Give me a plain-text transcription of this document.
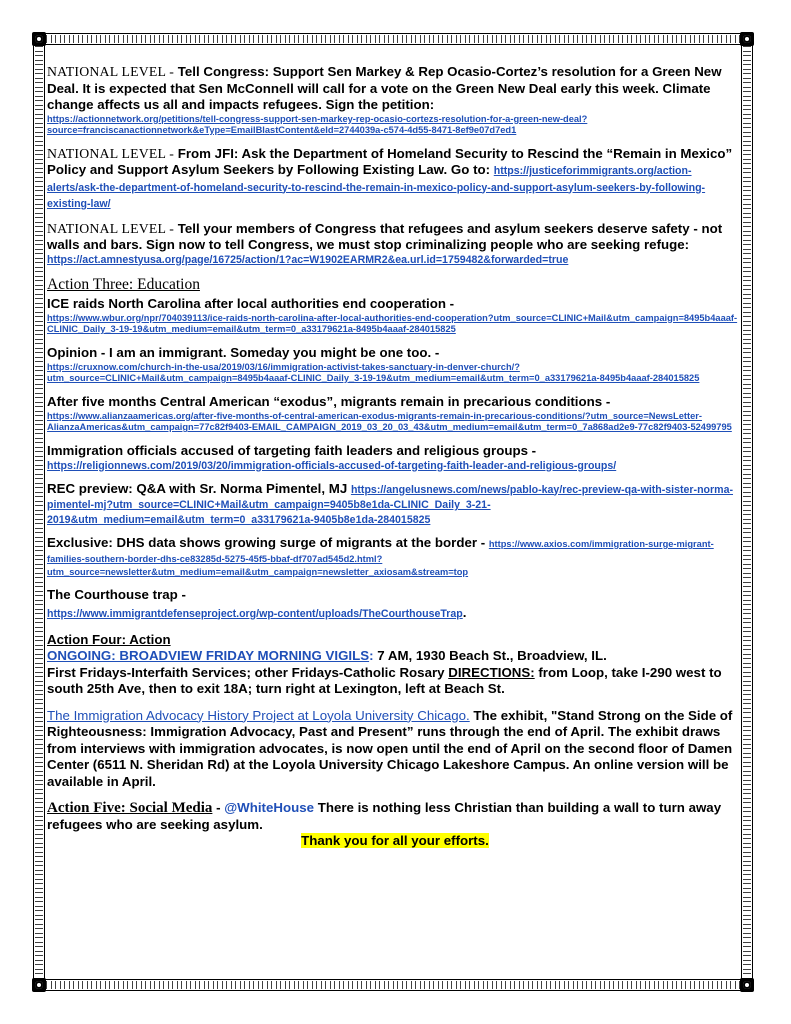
NATIONAL LEVEL - Tell Congress: Support Sen Markey & Rep Ocasio-Cortez’s resolution for a Green New Deal. It is expected that Sen McConnell will call for a vote on the Green New Deal early this week. Climate change affects us all and impacts refugees. Sign the petition:
https://actionnetwork.org/petitions/tell-congress-support-sen-markey-rep-ocasio-cortezs-resolution-for-a-green-new-deal?source=franciscanactionnetwork&eType=EmailBlastContent&eId=2744039a-c574-4d55-8471-8ef9e07d7ed1

NATIONAL LEVEL - From JFI: Ask the Department of Homeland Security to Rescind the “Remain in Mexico” Policy and Support Asylum Seekers by Following Existing Law. Go to: https://justiceforimmigrants.org/action-alerts/ask-the-department-of-homeland-security-to-rescind-the-remain-in-mexico-policy-and-support-asylum-seekers-by-following-existing-law/

NATIONAL LEVEL - Tell your members of Congress that refugees and asylum seekers deserve safety - not walls and bars. Sign now to tell Congress, we must stop criminalizing people who are seeking refuge:
https://act.amnestyusa.org/page/16725/action/1?ac=W1902EARMR2&ea.url.id=1759482&forwarded=true

Action Three: Education
ICE raids North Carolina after local authorities end cooperation -
https://www.wbur.org/npr/704039113/ice-raids-north-carolina-after-local-authorities-end-cooperation?utm_source=CLINIC+Mail&utm_campaign=8495b4aaaf-CLINIC_Daily_3-19-19&utm_medium=email&utm_term=0_a33179621a-8495b4aaaf-284015825
Opinion - I am an immigrant. Someday you might be one too. -
https://cruxnow.com/church-in-the-usa/2019/03/16/immigration-activist-takes-sanctuary-in-denver-church/?utm_source=CLINIC+Mail&utm_campaign=8495b4aaaf-CLINIC_Daily_3-19-19&utm_medium=email&utm_term=0_a33179621a-8495b4aaaf-284015825
After five months Central American “exodus”, migrants remain in precarious conditions -
https://www.alianzaamericas.org/after-five-months-of-central-american-exodus-migrants-remain-in-precarious-conditions/?utm_source=NewsLetter-AlianzaAmericas&utm_campaign=77c82f9403-EMAIL_CAMPAIGN_2019_03_20_03_43&utm_medium=email&utm_term=0_7a868ad2e9-77c82f9403-52499795
Immigration officials accused of targeting faith leaders and religious groups -
https://religionnews.com/2019/03/20/immigration-officials-accused-of-targeting-faith-leader-and-religious-groups/
REC preview: Q&A with Sr. Norma Pimentel, MJ https://angelusnews.com/news/pablo-kay/rec-preview-qa-with-sister-norma-pimentel-mj?utm_source=CLINIC+Mail&utm_campaign=9405b8e1da-CLINIC_Daily_3-21-2019&utm_medium=email&utm_term=0_a33179621a-9405b8e1da-284015825
Exclusive: DHS data shows growing surge of migrants at the border - https://www.axios.com/immigration-surge-migrant-families-southern-border-dhs-ce83285d-5275-45f5-bbaf-df707ad545d2.html?utm_source=newsletter&utm_medium=email&utm_campaign=newsletter_axiosam&stream=top
The Courthouse trap -
https://www.immigrantdefenseproject.org/wp-content/uploads/TheCourthouseTrap.
Action Four: Action

ONGOING: BROADVIEW FRIDAY MORNING VIGILS: 7 AM, 1930 Beach St., Broadview, IL.
First Fridays-Interfaith Services; other Fridays-Catholic Rosary DIRECTIONS: from Loop, take I-290 west to south 25th Ave, then to exit 18A; turn right at Lexington, left at Beach St.

The Immigration Advocacy History Project at Loyola University Chicago. The exhibit, "Stand Strong on the Side of Righteousness: Immigration Advocacy, Past and Present” runs through the end of April. The exhibit draws from interviews with immigration advocates, is now open until the end of April on the second floor of Damen Center (6511 N. Sheridan Rd) at the Loyola University Chicago Lakeshore Campus. An online version will be available in April.

Action Five: Social Media - @WhiteHouse There is nothing less Christian than building a wall to turn away refugees who are seeking asylum.

Thank you for all your efforts.
